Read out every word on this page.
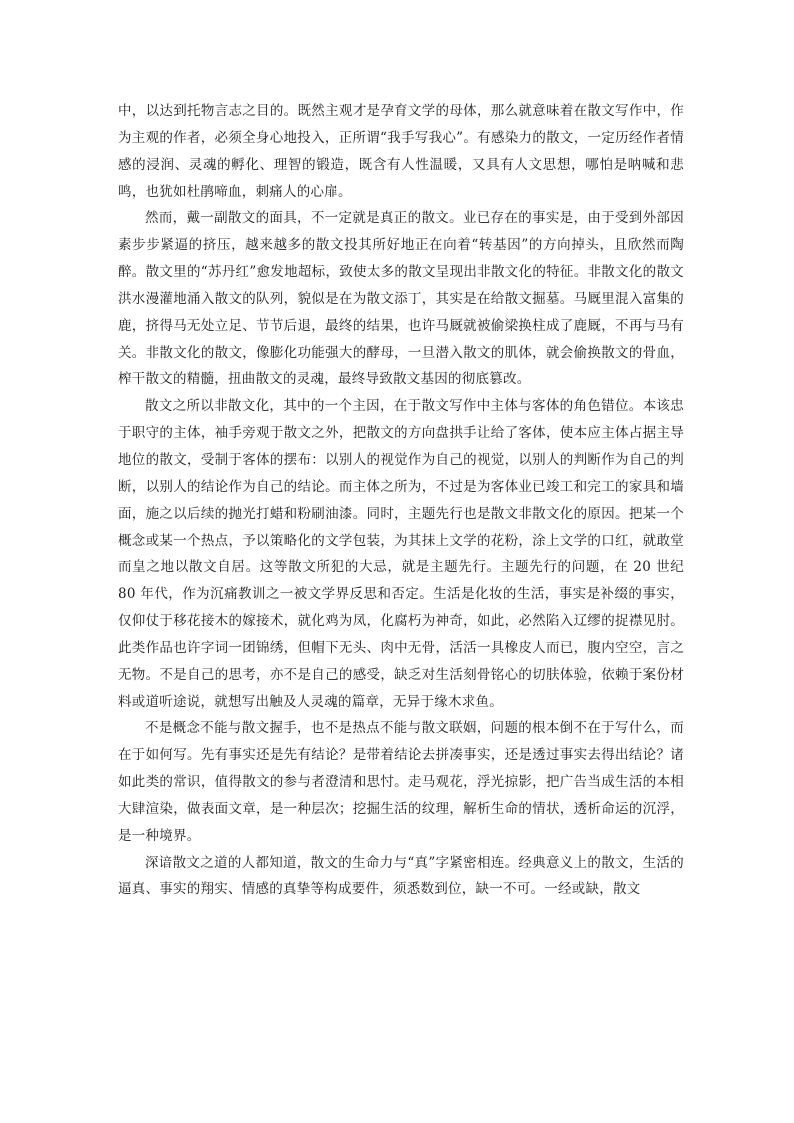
中，以达到托物言志之目的。既然主观才是孕育文学的母体，那么就意味着在散文写作中，作为主观的作者，必须全身心地投入，正所谓“我手写我心”。有感染力的散文，一定历经作者情感的浸润、灵魂的孵化、理智的锻造，既含有人性温暖，又具有人文思想，哪怕是呐喊和悲鸣，也犹如杜鹃啼血，刺痛人的心扉。

然而，戴一副散文的面具，不一定就是真正的散文。业已存在的事实是，由于受到外部因素步步紧逼的挤压，越来越多的散文投其所好地正在向着“转基因”的方向掉头，且欣然而陶醉。散文里的“苏丹红”愈发地超标，致使太多的散文呈现出非散文化的特征。非散文化的散文洪水漫灌地涌入散文的队列，貌似是在为散文添丁，其实是在给散文掘墓。马厩里混入富集的鹿，挤得马无处立足、节节后退，最终的结果，也许马厩就被偷梁换柱成了鹿厩，不再与马有关。非散文化的散文，像膨化功能强大的酵母，一旦潜入散文的肌体，就会偷换散文的骨血，榨干散文的精髓，扭曲散文的灵魂，最终导致散文基因的彻底篡改。

散文之所以非散文化，其中的一个主因，在于散文写作中主体与客体的角色错位。本该忠于职守的主体，袖手旁观于散文之外，把散文的方向盘拱手让给了客体，使本应主体占据主导地位的散文，受制于客体的摆布：以别人的视觉作为自己的视觉，以别人的判断作为自己的判断，以别人的结论作为自己的结论。而主体之所为，不过是为客体业已竣工和完工的家具和墙面，施之以后续的抛光打蜡和粉刷油漆。同时，主题先行也是散文非散文化的原因。把某一个概念或某一个热点，予以策略化的文学包装，为其抹上文学的花粉，涂上文学的口红，就敢堂而皇之地以散文自居。这等散文所犯的大忌，就是主题先行。主题先行的问题，在 20 世纪 80 年代，作为沉痛教训之一被文学界反思和否定。生活是化妆的生活，事实是补缀的事实，仅仰仗于移花接木的嫁接术，就化鸡为凤，化腐朽为神奇，如此，必然陷入辽缪的捉襟见肘。此类作品也许字词一团锦绣，但帽下无头、肉中无骨，活活一具橡皮人而已，腹内空空，言之无物。不是自己的思考，亦不是自己的感受，缺乏对生活刻骨铭心的切肤体验，依赖于案份材料或道听途说，就想写出触及人灵魂的篇章，无异于缘木求鱼。

不是概念不能与散文握手，也不是热点不能与散文联姻，问题的根本倒不在于写什么，而在于如何写。先有事实还是先有结论？是带着结论去拼凑事实，还是透过事实去得出结论？诸如此类的常识，值得散文的参与者澄清和思忖。走马观花，浮光掠影，把广告当成生活的本相大肆渲染，做表面文章，是一种层次；挖掘生活的纹理，解析生命的情状，透析命运的沉浮，是一种境界。

深谙散文之道的人都知道，散文的生命力与“真”字紧密相连。经典意义上的散文，生活的逼真、事实的翔实、情感的真挚等构成要件，须悉数到位，缺一不可。一经或缺，散文
